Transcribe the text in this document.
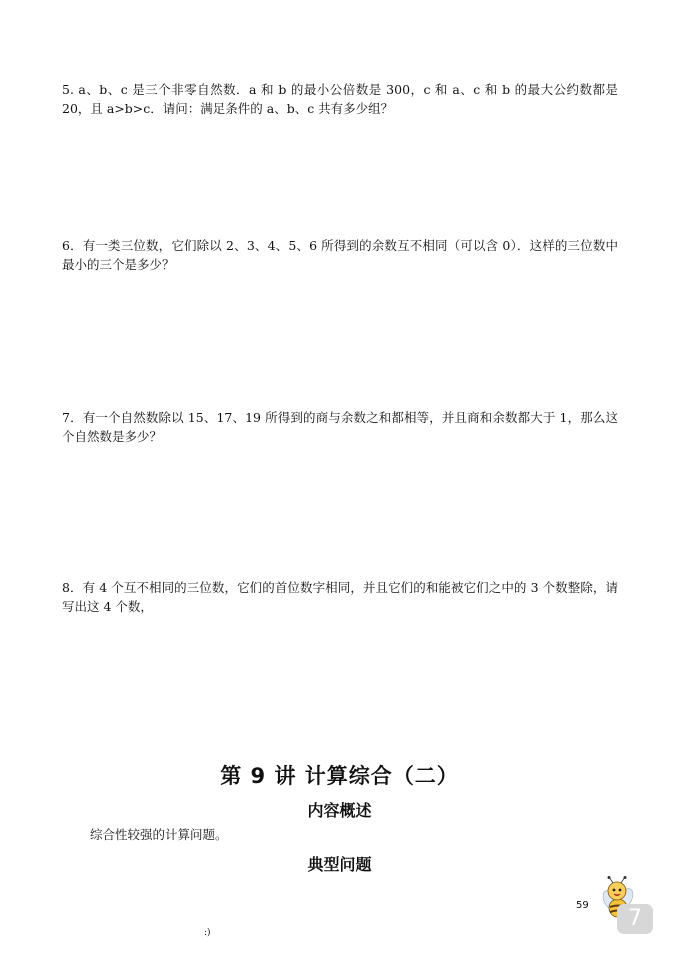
5. a、b、c 是三个非零自然数．a 和 b 的最小公倍数是 300，c 和 a、c 和 b 的最大公约数都是 20，且 a>b>c．请问：满足条件的 a、b、c 共有多少组？
6．有一类三位数，它们除以 2、3、4、5、6 所得到的余数互不相同（可以含 0）．这样的三位数中最小的三个是多少？
7．有一个自然数除以 15、17、19 所得到的商与余数之和都相等，并且商和余数都大于 1，那么这个自然数是多少？
8．有 4 个互不相同的三位数，它们的首位数字相同，并且它们的和能被它们之中的 3 个数整除，请写出这 4 个数，
第 9 讲 计算综合（二）
内容概述
综合性较强的计算问题。
典型问题
59
7
:)
